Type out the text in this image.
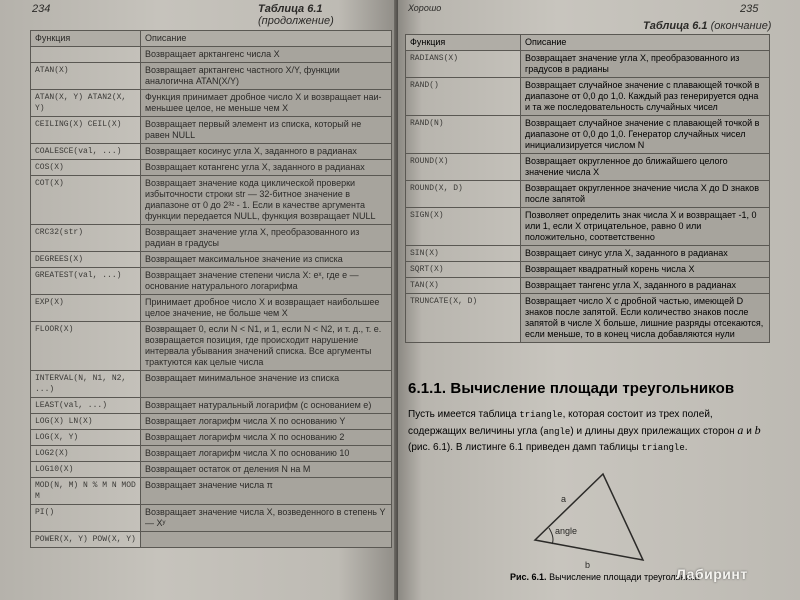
234	Таблица 6.1 (продолжение)
Функция	Описание
	Возвращает арктангенс числа X
ATAN(X)	Возвращает арктангенс частного X/Y, функции аналогична ATAN(X/Y)
ATAN(X, Y) ATAN2(X, Y)	Функция принимает дробное число X и возвращает наи-меньшее целое, не меньше чем X
CEILING(X) CEIL(X)	Возвращает первый элемент из списка, который не равен NULL
COALESCE(val, ...)	Возвращает косинус угла X, заданного в радианах
COS(X)	Возвращает котангенс угла X, заданного в радианах
COT(X)	Возвращает значение кода циклической проверки избыточности строки str — 32-битное значение в диапазоне от 0 до 2³² - 1. Если в качестве аргумента функции передается NULL, функция возвращает NULL
CRC32(str)	Возвращает значение угла X, преобразованного из радиан в градусы
DEGREES(X)	Возвращает максимальное значение из списка
GREATEST(val, ...)	Возвращает значение степени числа X: eˣ, где e — основание натурального логарифма
EXP(X)	Принимает дробное число X и возвращает наибольшее целое значение, не больше чем X
FLOOR(X)	Возвращает 0, если N < N1, и 1, если N < N2, и т. д., т. е. возвращается позиция, где происходит нарушение интервала убывания значений списка. Все аргументы трактуются как целые числа
INTERVAL(N, N1, N2, ...)	Возвращает минимальное значение из списка
LEAST(val, ...)	Возвращает натуральный логарифм (с основанием e)
LOG(X) LN(X)	Возвращает логарифм числа X по основанию Y
LOG(X, Y)	Возвращает логарифм числа X по основанию 2
LOG2(X)	Возвращает логарифм числа X по основанию 10
LOG10(X)	Возвращает остаток от деления N на M
MOD(N, M) N % M N MOD M	Возвращает значение числа π
PI()	Возвращает значение числа X, возведенного в степень Y — Xʸ
POWER(X, Y) POW(X, Y)	
Хорошо	235
Таблица 6.1 (окончание)
Функция	Описание
RADIANS(X)	Возвращает значение угла X, преобразованного из градусов в радианы
RAND()	Возвращает случайное значение с плавающей точкой в диапазоне от 0,0 до 1,0. Каждый раз генерируется одна и та же последовательность случайных чисел
RAND(N)	Возвращает случайное значение с плавающей точкой в диапазоне от 0,0 до 1,0. Генератор случайных чисел инициализируется числом N
ROUND(X)	Возвращает округленное до ближайшего целого значение числа X
ROUND(X, D)	Возвращает округленное значение числа X до D знаков после запятой
SIGN(X)	Позволяет определить знак числа X и возвращает -1, 0 или 1, если X отрицательное, равно 0 или положительно, соответственно
SIN(X)	Возвращает синус угла X, заданного в радианах
SQRT(X)	Возвращает квадратный корень числа X
TAN(X)	Возвращает тангенс угла X, заданного в радианах
TRUNCATE(X, D)	Возвращает число X с дробной частью, имеющей D знаков после запятой. Если количество знаков после запятой в числе X больше, лишние разряды отсекаются, если меньше, то в конец числа добавляются нули
6.1.1. Вычисление площади треугольников
Пусть имеется таблица triangle, которая состоит из трех полей, содержащих величины угла (angle) и длины двух прилежащих сторон a и b (рис. 6.1). В листинге 6.1 приведен дамп таблицы triangle.
a
b
angle
Рис. 6.1. Вычисление площади треугольника
Лабиринт
